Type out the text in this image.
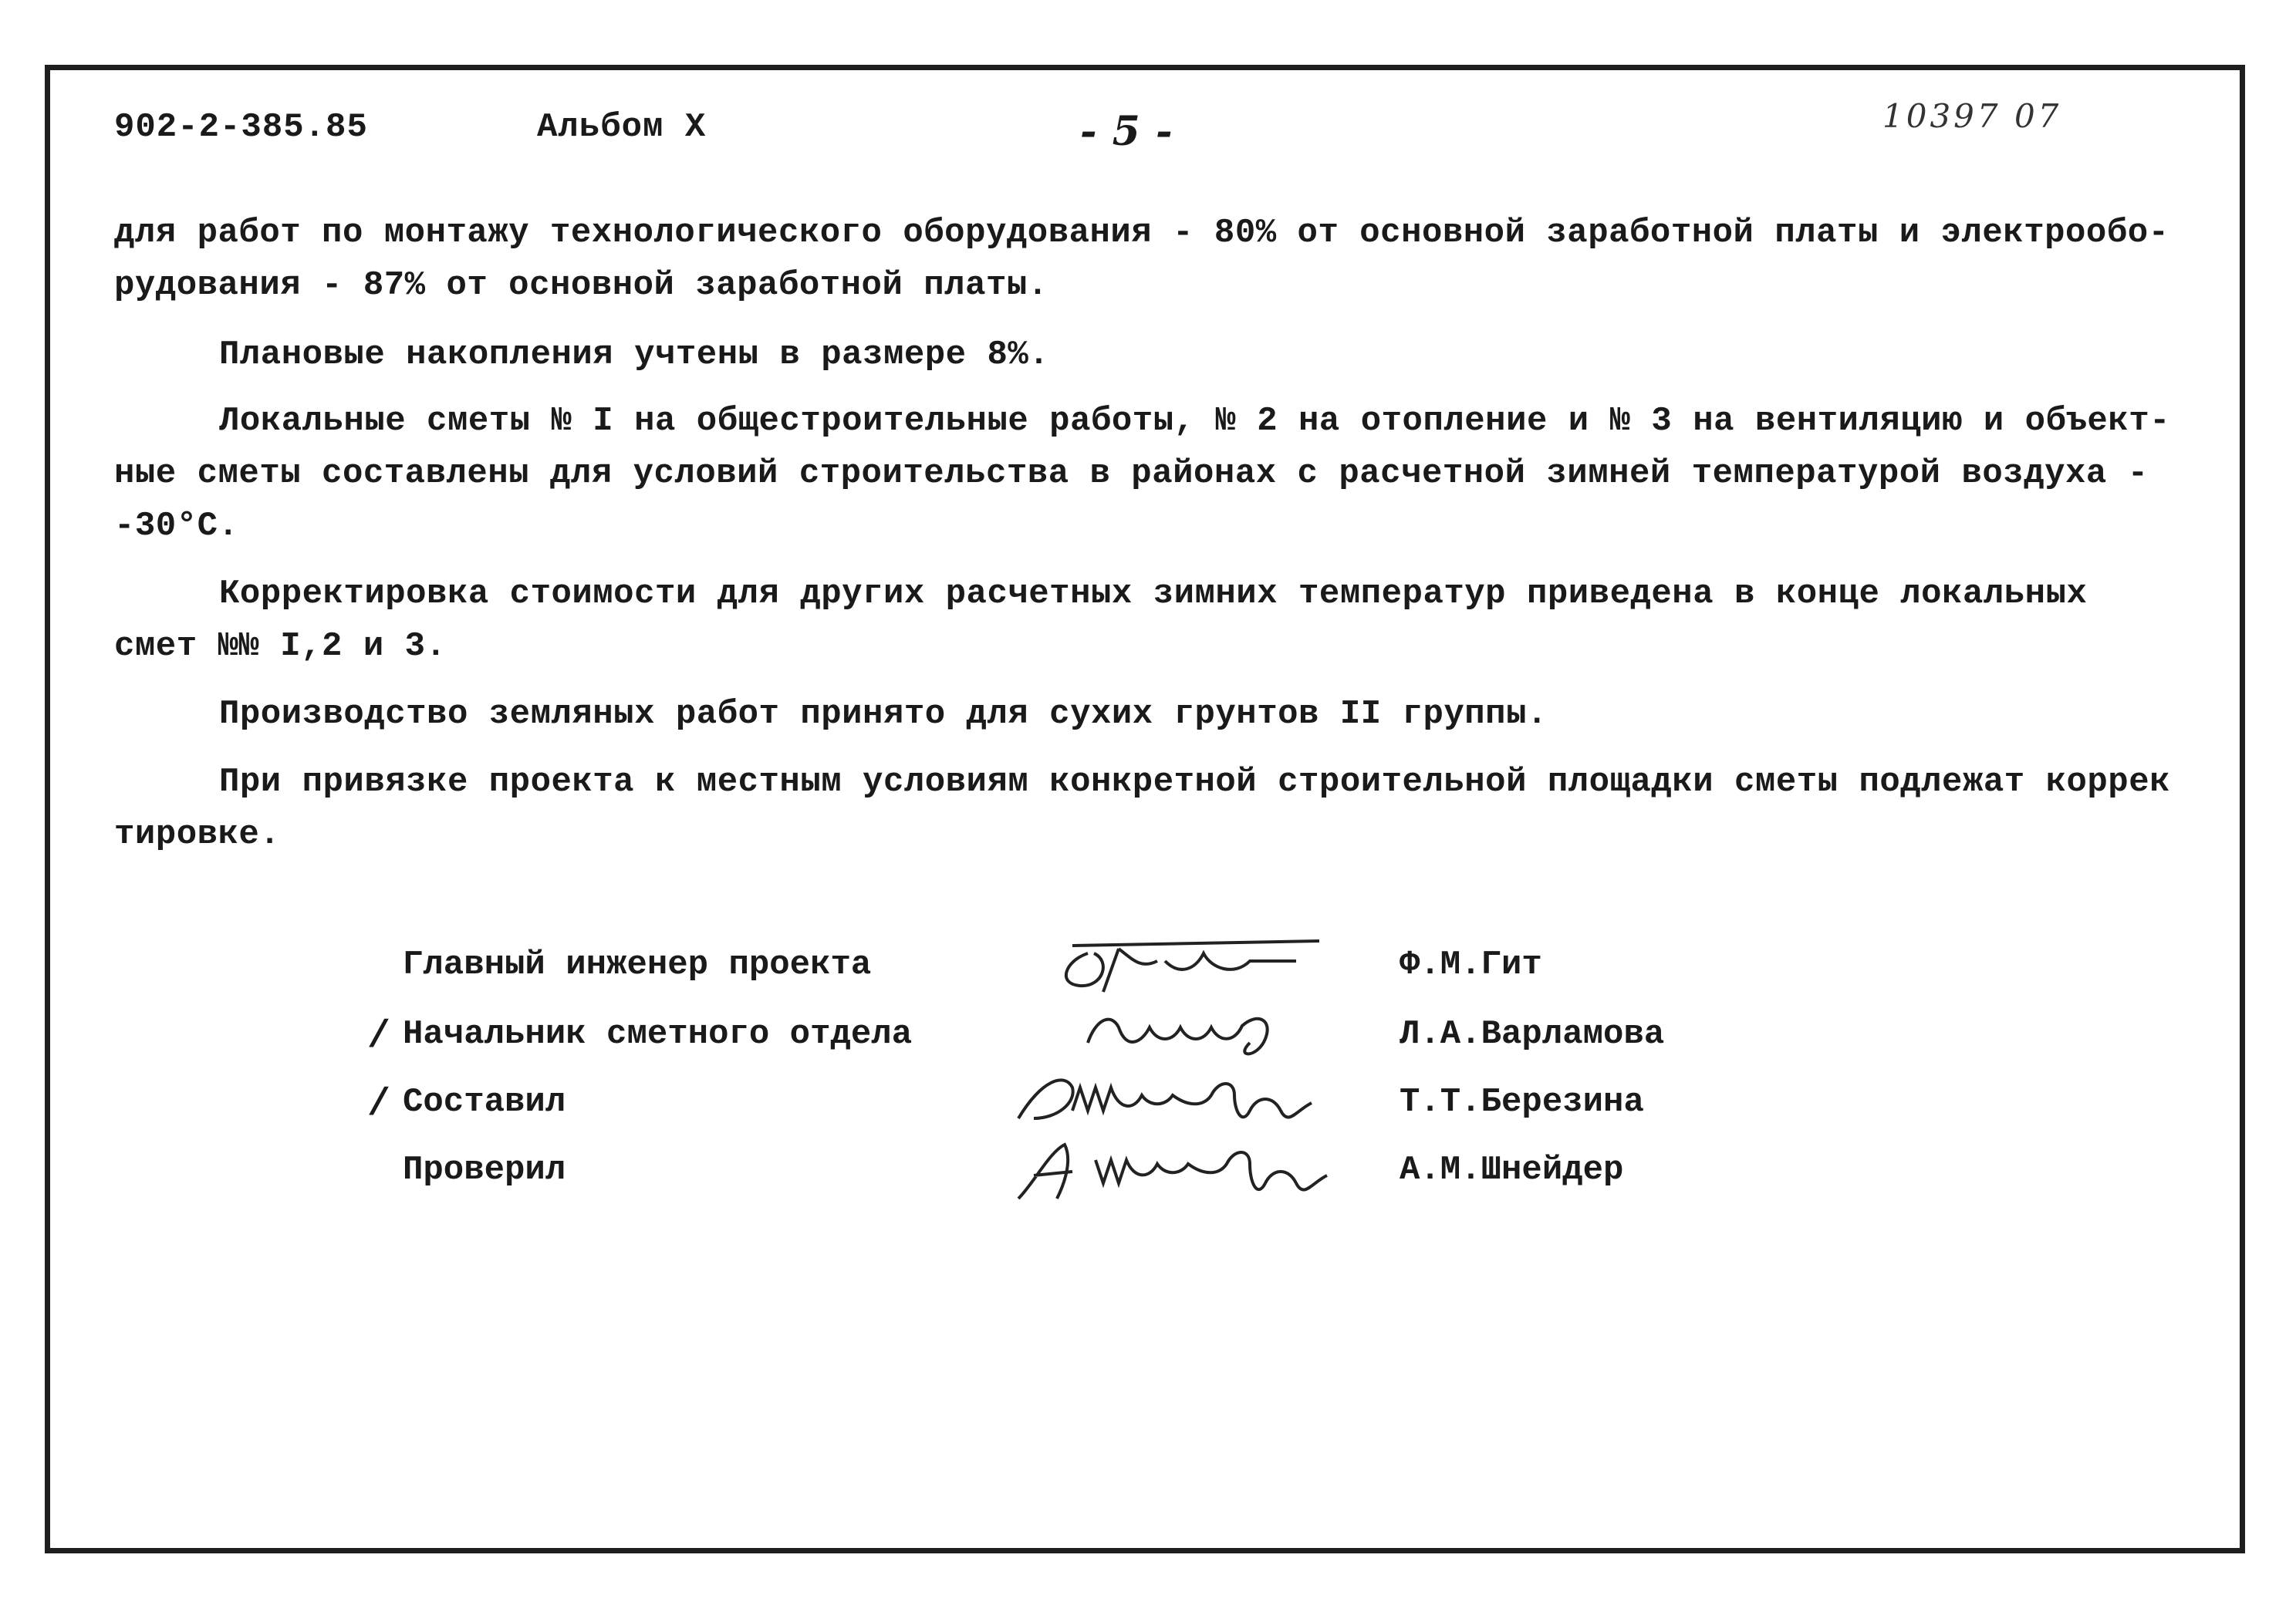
902-2-385.85	Альбом X	- 5 -	10397 07

для работ по монтажу технологического оборудования - 80% от основной заработной платы и электрообо-

рудования - 87% от основной заработной платы.

Плановые накопления учтены в размере 8%.

Локальные сметы № I на общестроительные работы, № 2 на отопление и № 3 на вентиляцию и объект-

ные сметы составлены для условий строительства в районах с расчетной зимней температурой воздуха -

-30°C.

Корректировка стоимости для других расчетных зимних температур приведена в конце локальных

смет №№ I,2 и 3.

Производство земляных работ принято для сухих грунтов II группы.

При привязке проекта к местным условиям конкретной строительной площадки сметы подлежат коррек

тировке.

Главный инженер проекта	Ф.М.Гит
/ Начальник сметного отдела	Л.А.Варламова
/ Составил	Т.Т.Березина
Проверил	А.М.Шнейдер
